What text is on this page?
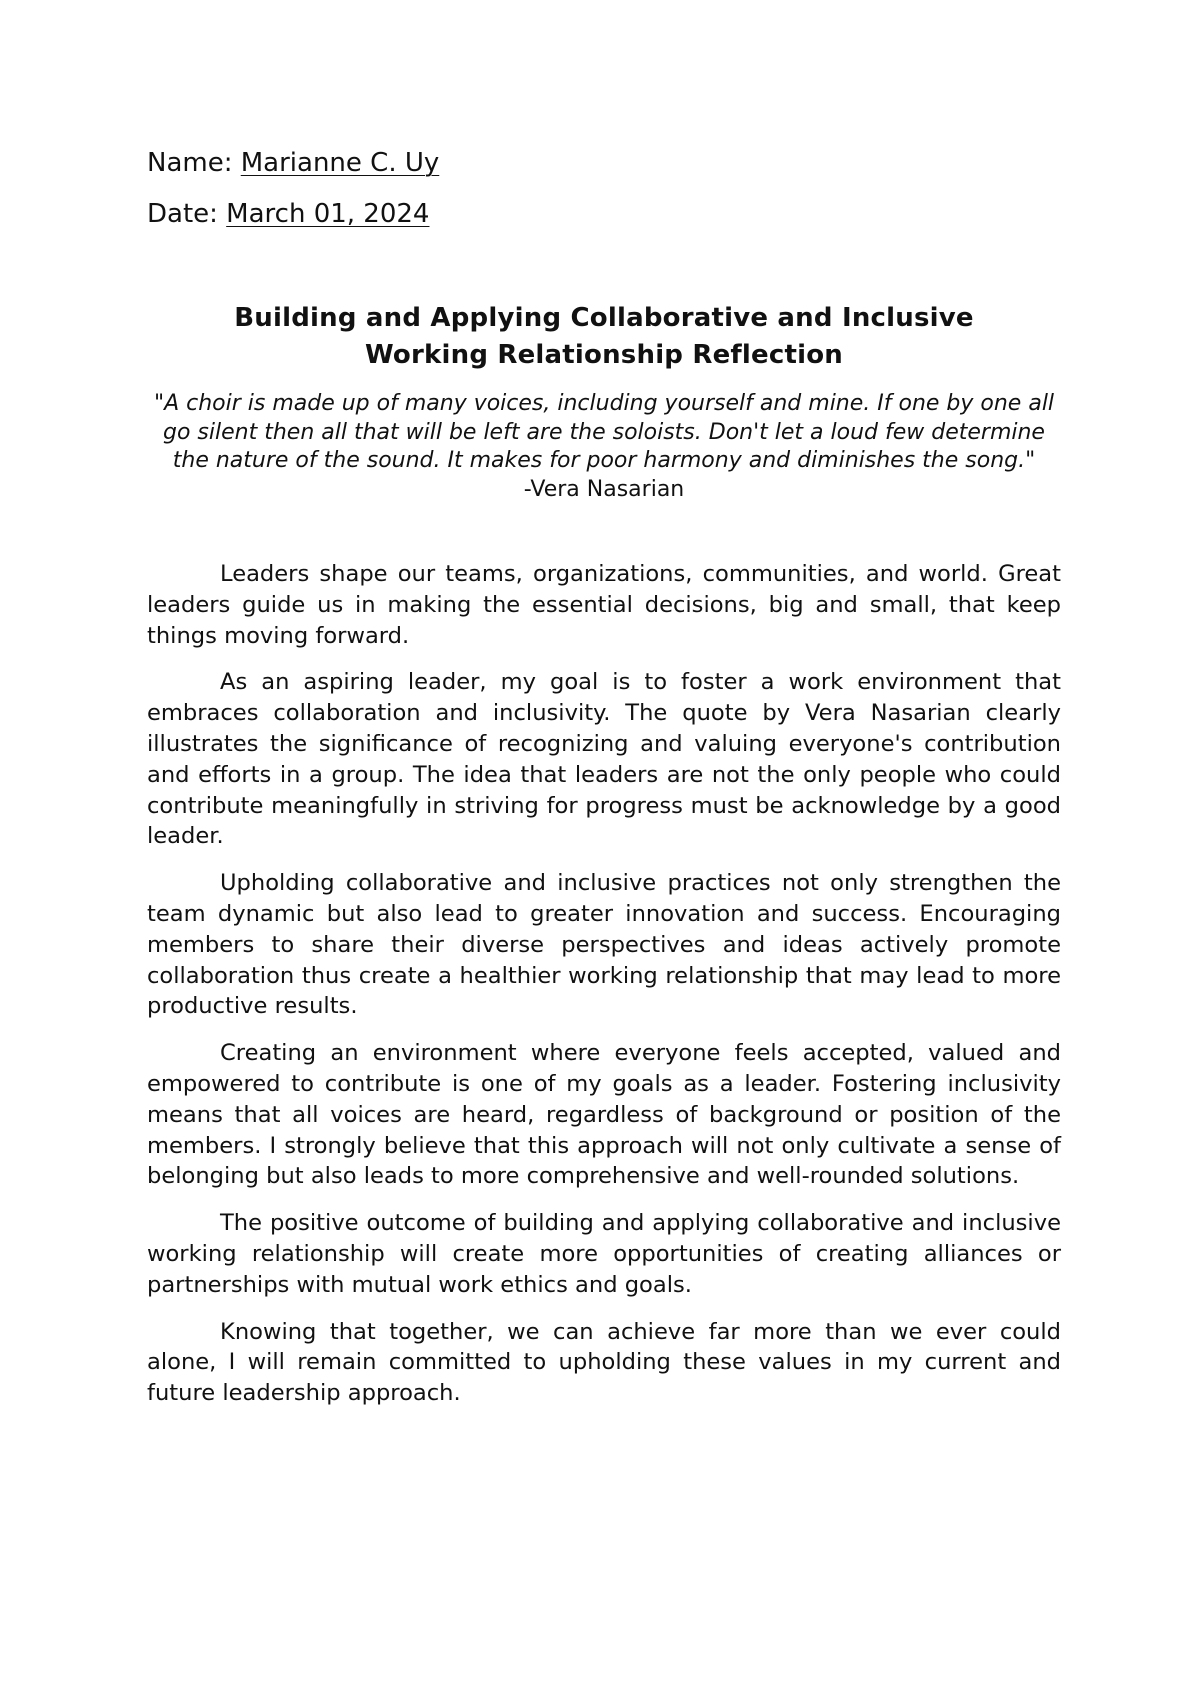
Name: Marianne C. Uy
Date: March 01, 2024
Building and Applying Collaborative and Inclusive
Working Relationship Reflection
"A choir is made up of many voices, including yourself and mine. If one by one all go silent then all that will be left are the soloists. Don't let a loud few determine the nature of the sound. It makes for poor harmony and diminishes the song."
-Vera Nasarian

Leaders shape our teams, organizations, communities, and world. Great leaders guide us in making the essential decisions, big and small, that keep things moving forward.

As an aspiring leader, my goal is to foster a work environment that embraces collaboration and inclusivity. The quote by Vera Nasarian clearly illustrates the significance of recognizing and valuing everyone's contribution and efforts in a group. The idea that leaders are not the only people who could contribute meaningfully in striving for progress must be acknowledge by a good leader.

Upholding collaborative and inclusive practices not only strengthen the team dynamic but also lead to greater innovation and success. Encouraging members to share their diverse perspectives and ideas actively promote collaboration thus create a healthier working relationship that may lead to more productive results.

Creating an environment where everyone feels accepted, valued and empowered to contribute is one of my goals as a leader. Fostering inclusivity means that all voices are heard, regardless of background or position of the members. I strongly believe that this approach will not only cultivate a sense of belonging but also leads to more comprehensive and well-rounded solutions.

The positive outcome of building and applying collaborative and inclusive working relationship will create more opportunities of creating alliances or partnerships with mutual work ethics and goals.

Knowing that together, we can achieve far more than we ever could alone, I will remain committed to upholding these values in my current and future leadership approach.
